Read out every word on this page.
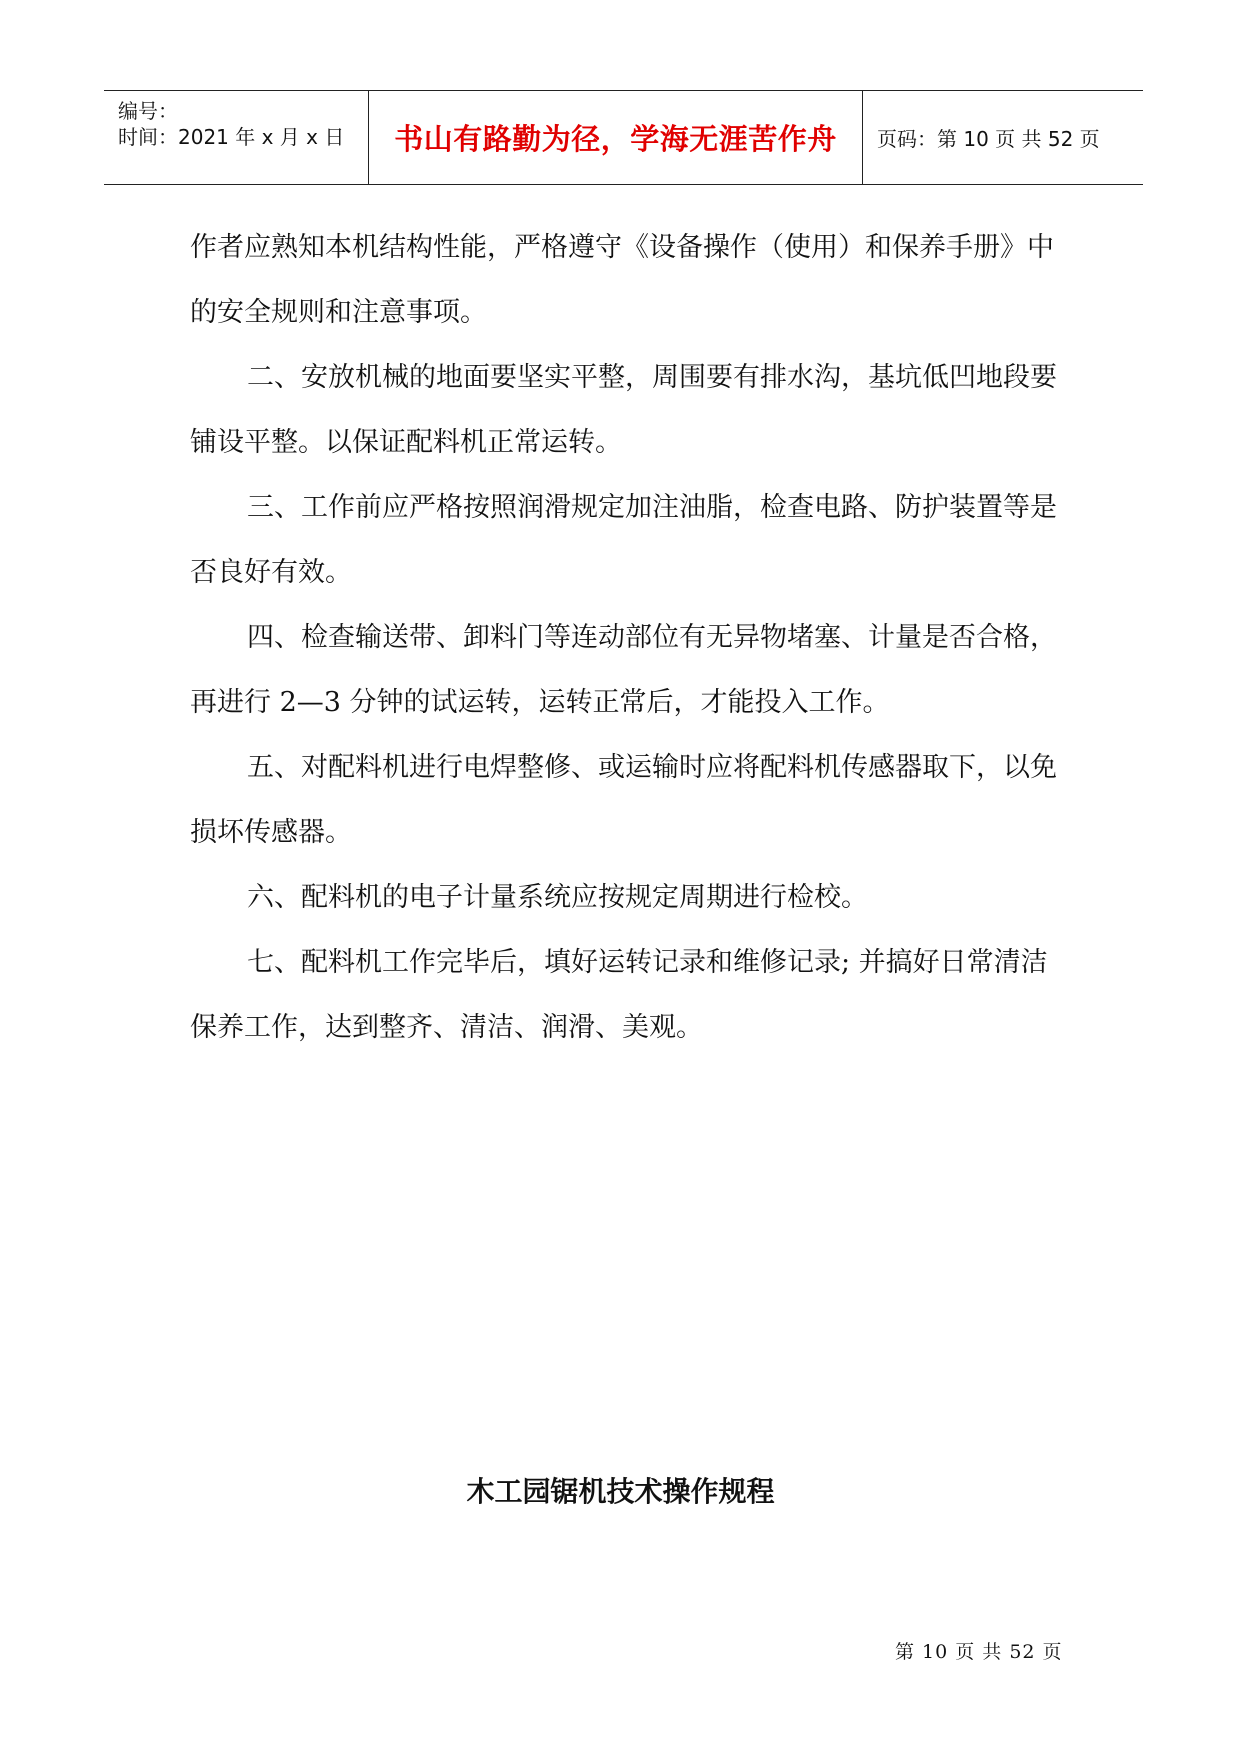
编号：
时间：2021 年 x 月 x 日	书山有路勤为径，学海无涯苦作舟	页码：第 10 页 共 52 页

作者应熟知本机结构性能，严格遵守《设备操作（使用）和保养手册》中的安全规则和注意事项。

二、安放机械的地面要坚实平整，周围要有排水沟，基坑低凹地段要铺设平整。以保证配料机正常运转。

三、工作前应严格按照润滑规定加注油脂，检查电路、防护装置等是否良好有效。

四、检查输送带、卸料门等连动部位有无异物堵塞、计量是否合格，再进行 2—3 分钟的试运转，运转正常后，才能投入工作。

五、对配料机进行电焊整修、或运输时应将配料机传感器取下，以免损坏传感器。

六、配料机的电子计量系统应按规定周期进行检校。

七、配料机工作完毕后，填好运转记录和维修记录; 并搞好日常清洁保养工作，达到整齐、清洁、润滑、美观。

木工园锯机技术操作规程
第 10 页 共 52 页
